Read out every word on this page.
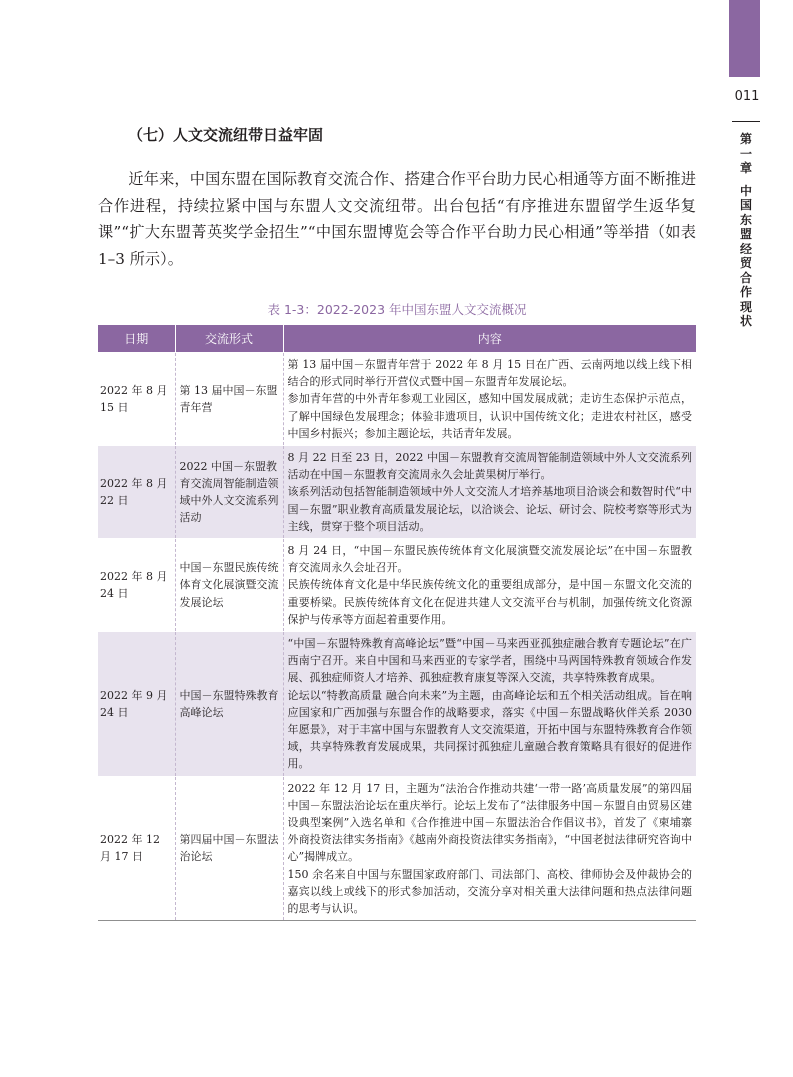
011
第一章
中国东盟经贸合作现状
（七）人文交流纽带日益牢固
近年来，中国东盟在国际教育交流合作、搭建合作平台助力民心相通等方面不断推进合作进程，持续拉紧中国与东盟人文交流纽带。出台包括“有序推进东盟留学生返华复课”“扩大东盟菁英奖学金招生”“中国东盟博览会等合作平台助力民心相通”等举措（如表 1–3 所示）。
表 1-3：2022-2023 年中国东盟人文交流概况
日期	交流形式	内容
2022 年 8 月 15 日	第 13 届中国－东盟青年营	第 13 届中国－东盟青年营于 2022 年 8 月 15 日在广西、云南两地以线上线下相结合的形式同时举行开营仪式暨中国－东盟青年发展论坛。
参加青年营的中外青年参观工业园区，感知中国发展成就；走访生态保护示范点，了解中国绿色发展理念；体验非遗项目，认识中国传统文化；走进农村社区，感受中国乡村振兴；参加主题论坛，共话青年发展。

2022 年 8 月 22 日	2022 中国－东盟教育交流周智能制造领域中外人文交流系列活动	8 月 22 日至 23 日，2022 中国－东盟教育交流周智能制造领域中外人文交流系列活动在中国－东盟教育交流周永久会址黄果树厅举行。
该系列活动包括智能制造领域中外人文交流人才培养基地项目洽谈会和数智时代“中国－东盟”职业教育高质量发展论坛，以洽谈会、论坛、研讨会、院校考察等形式为主线，贯穿于整个项目活动。

2022 年 8 月 24 日	中国－东盟民族传统体育文化展演暨交流发展论坛	8 月 24 日，“中国－东盟民族传统体育文化展演暨交流发展论坛”在中国－东盟教育交流周永久会址召开。
民族传统体育文化是中华民族传统文化的重要组成部分，是中国－东盟文化交流的重要桥梁。民族传统体育文化在促进共建人文交流平台与机制，加强传统文化资源保护与传承等方面起着重要作用。

2022 年 9 月 24 日	中国－东盟特殊教育高峰论坛	“中国－东盟特殊教育高峰论坛”暨“中国－马来西亚孤独症融合教育专题论坛”在广西南宁召开。来自中国和马来西亚的专家学者，围绕中马两国特殊教育领域合作发展、孤独症师资人才培养、孤独症教育康复等深入交流，共享特殊教育成果。
论坛以“特教高质量 融合向未来”为主题，由高峰论坛和五个相关活动组成。旨在响应国家和广西加强与东盟合作的战略要求，落实《中国－东盟战略伙伴关系 2030 年愿景》，对于丰富中国与东盟教育人文交流渠道，开拓中国与东盟特殊教育合作领域，共享特殊教育发展成果，共同探讨孤独症儿童融合教育策略具有很好的促进作用。

2022 年 12 月 17 日	第四届中国－东盟法治论坛	2022 年 12 月 17 日，主题为“法治合作推动共建‘一带一路’高质量发展”的第四届中国－东盟法治论坛在重庆举行。论坛上发布了“法律服务中国－东盟自由贸易区建设典型案例”入选名单和《合作推进中国－东盟法治合作倡议书》，首发了《柬埔寨外商投资法律实务指南》《越南外商投资法律实务指南》，“中国老挝法律研究咨询中心”揭牌成立。
150 余名来自中国与东盟国家政府部门、司法部门、高校、律师协会及仲裁协会的嘉宾以线上或线下的形式参加活动，交流分享对相关重大法律问题和热点法律问题的思考与认识。
